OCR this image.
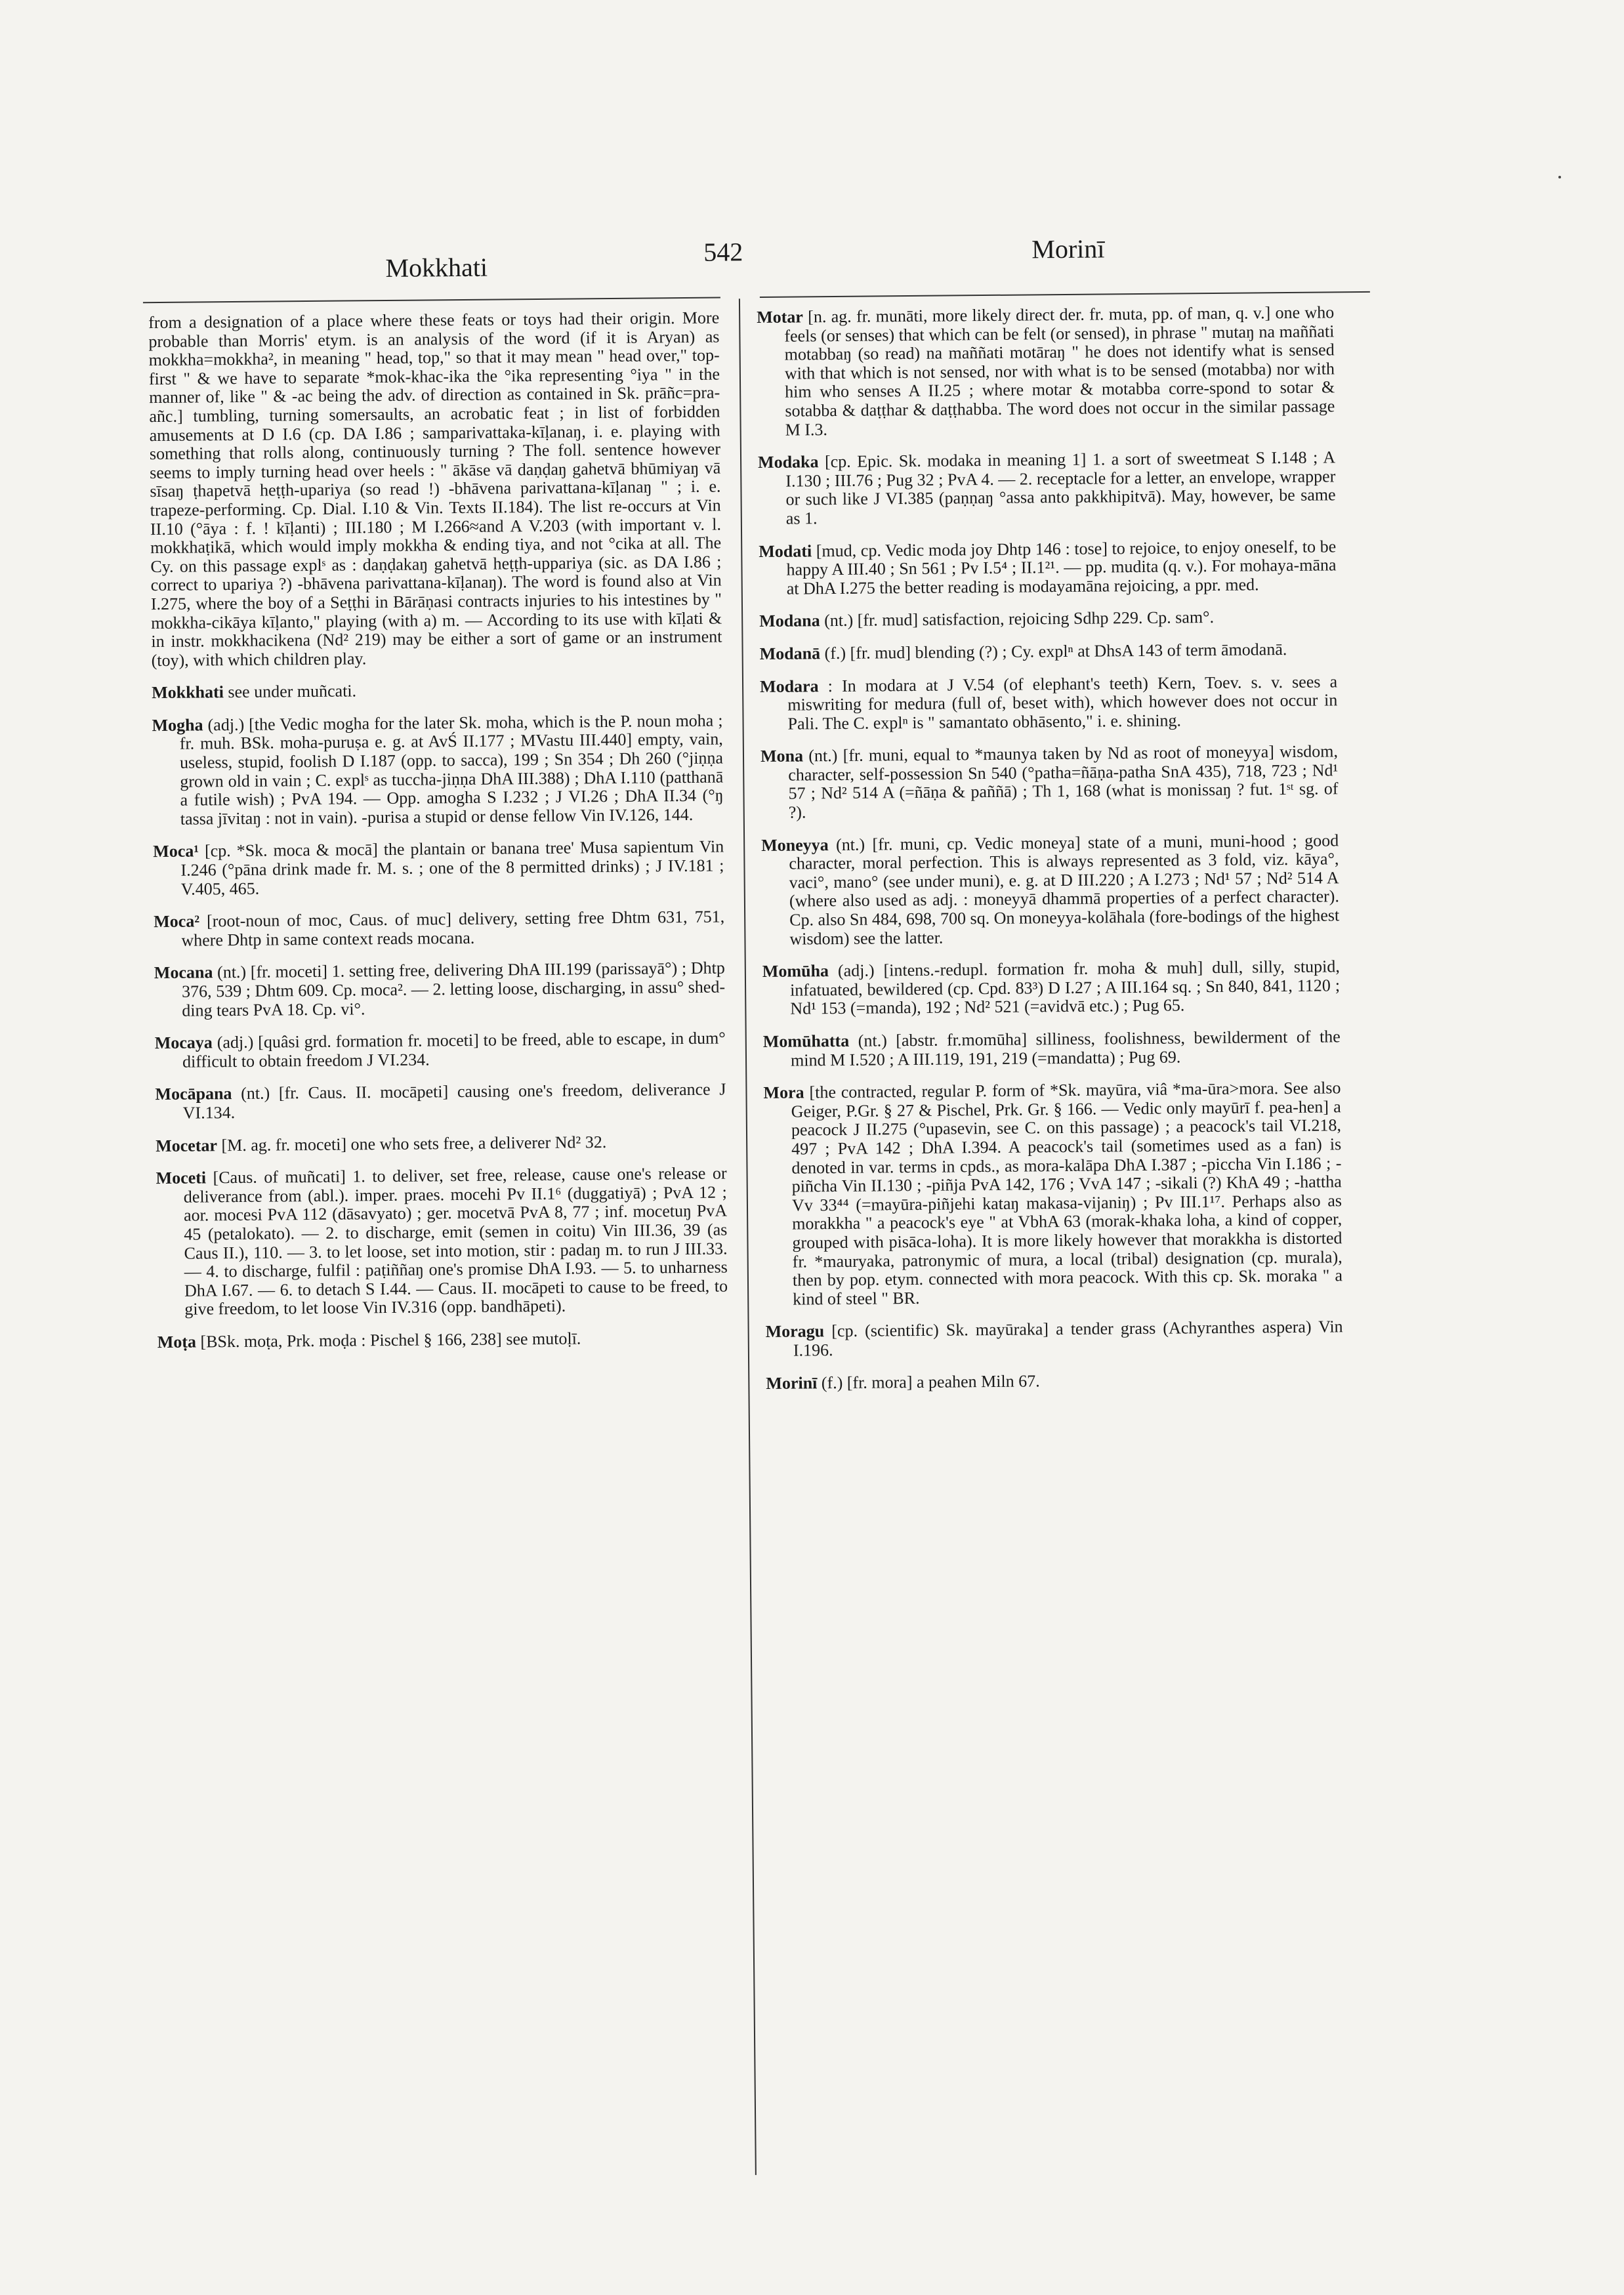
Mokkhati
542	Morinī

from a designation of a place where these feats or toys had their origin. More probable than Morris' etym. is an analysis of the word (if it is Aryan) as mokkha=mokkha², in meaning " head, top," so that it may mean " head over," top-first " & we have to separate *mok-khac-ika the °ika representing °iya " in the manner of, like " & -ac being the adv. of direction as contained in Sk. prāñc=pra-añc.] tumbling, turning somersaults, an acrobatic feat ; in list of forbidden amusements at D I.6 (cp. DA I.86 ; samparivattaka-kīḷanaŋ, i. e. playing with something that rolls along, continuously turning ? The foll. sentence however seems to imply turning head over heels : " ākāse vā daṇḍaŋ gahetvā bhūmiyaŋ vā sīsaŋ ṭhapetvā heṭṭh-upariya (so read !) -bhāvena parivattana-kīḷanaŋ " ; i. e. trapeze-performing. Cp. Dial. I.10 & Vin. Texts II.184). The list re-occurs at Vin II.10 (°āya : f. ! kīḷanti) ; III.180 ; M I.266≈and A V.203 (with important v. l. mokkhaṭikā, which would imply mokkha & ending tiya, and not °cika at all. The Cy. on this passage explˢ as : daṇḍakaŋ gahetvā heṭṭh-uppariya (sic. as DA I.86 ; correct to upariya ?) -bhāvena parivattana-kīḷanaŋ). The word is found also at Vin I.275, where the boy of a Seṭṭhi in Bārāṇasi contracts injuries to his intestines by " mokkha-cikāya kīḷanto," playing (with a) m. — According to its use with kīḷati & in instr. mokkhacikena (Nd² 219) may be either a sort of game or an instrument (toy), with which children play.

Mokkhati see under muñcati.

Mogha (adj.) [the Vedic mogha for the later Sk. moha, which is the P. noun moha ; fr. muh. BSk. moha-puruṣa e. g. at AvŚ II.177 ; MVastu III.440] empty, vain, useless, stupid, foolish D I.187 (opp. to sacca), 199 ; Sn 354 ; Dh 260 (°jiṇṇa grown old in vain ; C. explˢ as tuccha-jiṇṇa DhA III.388) ; DhA I.110 (patthanā a futile wish) ; PvA 194. — Opp. amogha S I.232 ; J VI.26 ; DhA II.34 (°ŋ tassa jīvitaŋ : not in vain). -purisa a stupid or dense fellow Vin IV.126, 144.

Moca¹ [cp. *Sk. moca & mocā] the plantain or banana tree' Musa sapientum Vin I.246 (°pāna drink made fr. M. s. ; one of the 8 permitted drinks) ; J IV.181 ; V.405, 465.

Moca² [root-noun of moc, Caus. of muc] delivery, setting free Dhtm 631, 751, where Dhtp in same context reads mocana.

Mocana (nt.) [fr. moceti] 1. setting free, delivering DhA III.199 (parissayā°) ; Dhtp 376, 539 ; Dhtm 609. Cp. moca². — 2. letting loose, discharging, in assu° shed-ding tears PvA 18. Cp. vi°.

Mocaya (adj.) [quâsi grd. formation fr. moceti] to be freed, able to escape, in dum° difficult to obtain freedom J VI.234.

Mocāpana (nt.) [fr. Caus. II. mocāpeti] causing one's freedom, deliverance J VI.134.

Mocetar [M. ag. fr. moceti] one who sets free, a deliverer Nd² 32.

Moceti [Caus. of muñcati] 1. to deliver, set free, release, cause one's release or deliverance from (abl.). imper. praes. mocehi Pv II.1⁶ (duggatiyā) ; PvA 12 ; aor. mocesi PvA 112 (dāsavyato) ; ger. mocetvā PvA 8, 77 ; inf. mocetuŋ PvA 45 (petalokato). — 2. to discharge, emit (semen in coitu) Vin III.36, 39 (as Caus II.), 110. — 3. to let loose, set into motion, stir : padaŋ m. to run J III.33. — 4. to discharge, fulfil : paṭiññaŋ one's promise DhA I.93. — 5. to unharness DhA I.67. — 6. to detach S I.44. — Caus. II. mocāpeti to cause to be freed, to give freedom, to let loose Vin IV.316 (opp. bandhāpeti).

Moṭa [BSk. moṭa, Prk. moḍa : Pischel § 166, 238] see mutoḷī.

Motar [n. ag. fr. munāti, more likely direct der. fr. muta, pp. of man, q. v.] one who feels (or senses) that which can be felt (or sensed), in phrase " mutaŋ na maññati motabbaŋ (so read) na maññati motāraŋ " he does not identify what is sensed with that which is not sensed, nor with what is to be sensed (motabba) nor with him who senses A II.25 ; where motar & motabba corre-spond to sotar & sotabba & daṭṭhar & daṭṭhabba. The word does not occur in the similar passage M I.3.

Modaka [cp. Epic. Sk. modaka in meaning 1] 1. a sort of sweetmeat S I.148 ; A I.130 ; III.76 ; Pug 32 ; PvA 4. — 2. receptacle for a letter, an envelope, wrapper or such like J VI.385 (paṇṇaŋ °assa anto pakkhipitvā). May, however, be same as 1.

Modati [mud, cp. Vedic moda joy Dhtp 146 : tose] to rejoice, to enjoy oneself, to be happy A III.40 ; Sn 561 ; Pv I.5⁴ ; II.1²¹. — pp. mudita (q. v.). For mohaya-māna at DhA I.275 the better reading is modayamāna rejoicing, a ppr. med.

Modana (nt.) [fr. mud] satisfaction, rejoicing Sdhp 229. Cp. sam°.

Modanā (f.) [fr. mud] blending (?) ; Cy. explⁿ at DhsA 143 of term āmodanā.

Modara : In modara at J V.54 (of elephant's teeth) Kern, Toev. s. v. sees a miswriting for medura (full of, beset with), which however does not occur in Pali. The C. explⁿ is " samantato obhāsento," i. e. shining.

Mona (nt.) [fr. muni, equal to *maunya taken by Nd as root of moneyya] wisdom, character, self-possession Sn 540 (°patha=ñāṇa-patha SnA 435), 718, 723 ; Nd¹ 57 ; Nd² 514 A (=ñāṇa & paññā) ; Th 1, 168 (what is monissaŋ ? fut. 1ˢᵗ sg. of ?).

Moneyya (nt.) [fr. muni, cp. Vedic moneya] state of a muni, muni-hood ; good character, moral perfection. This is always represented as 3 fold, viz. kāya°, vaci°, mano° (see under muni), e. g. at D III.220 ; A I.273 ; Nd¹ 57 ; Nd² 514 A (where also used as adj. : moneyyā dhammā properties of a perfect character). Cp. also Sn 484, 698, 700 sq. On moneyya-kolāhala (fore-bodings of the highest wisdom) see the latter.

Momūha (adj.) [intens.-redupl. formation fr. moha & muh] dull, silly, stupid, infatuated, bewildered (cp. Cpd. 83³) D I.27 ; A III.164 sq. ; Sn 840, 841, 1120 ; Nd¹ 153 (=manda), 192 ; Nd² 521 (=avidvā etc.) ; Pug 65.

Momūhatta (nt.) [abstr. fr.momūha] silliness, foolishness, bewilderment of the mind M I.520 ; A III.119, 191, 219 (=mandatta) ; Pug 69.

Mora [the contracted, regular P. form of *Sk. mayūra, viâ *ma-ūra>mora. See also Geiger, P.Gr. § 27 & Pischel, Prk. Gr. § 166. — Vedic only mayūrī f. pea-hen] a peacock J II.275 (°upasevin, see C. on this passage) ; a peacock's tail VI.218, 497 ; PvA 142 ; DhA I.394. A peacock's tail (sometimes used as a fan) is denoted in var. terms in cpds., as mora-kalāpa DhA I.387 ; -piccha Vin I.186 ; -piñcha Vin II.130 ; -piñja PvA 142, 176 ; VvA 147 ; -sikali (?) KhA 49 ; -hattha Vv 33⁴⁴ (=mayūra-piñjehi kataŋ makasa-vijaniŋ) ; Pv III.1¹⁷. Perhaps also as morakkha " a peacock's eye " at VbhA 63 (morak-khaka loha, a kind of copper, grouped with pisāca-loha). It is more likely however that morakkha is distorted fr. *mauryaka, patronymic of mura, a local (tribal) designation (cp. murala), then by pop. etym. connected with mora peacock. With this cp. Sk. moraka " a kind of steel " BR.

Moragu [cp. (scientific) Sk. mayūraka] a tender grass (Achyranthes aspera) Vin I.196.

Morinī (f.) [fr. mora] a peahen Miln 67.
